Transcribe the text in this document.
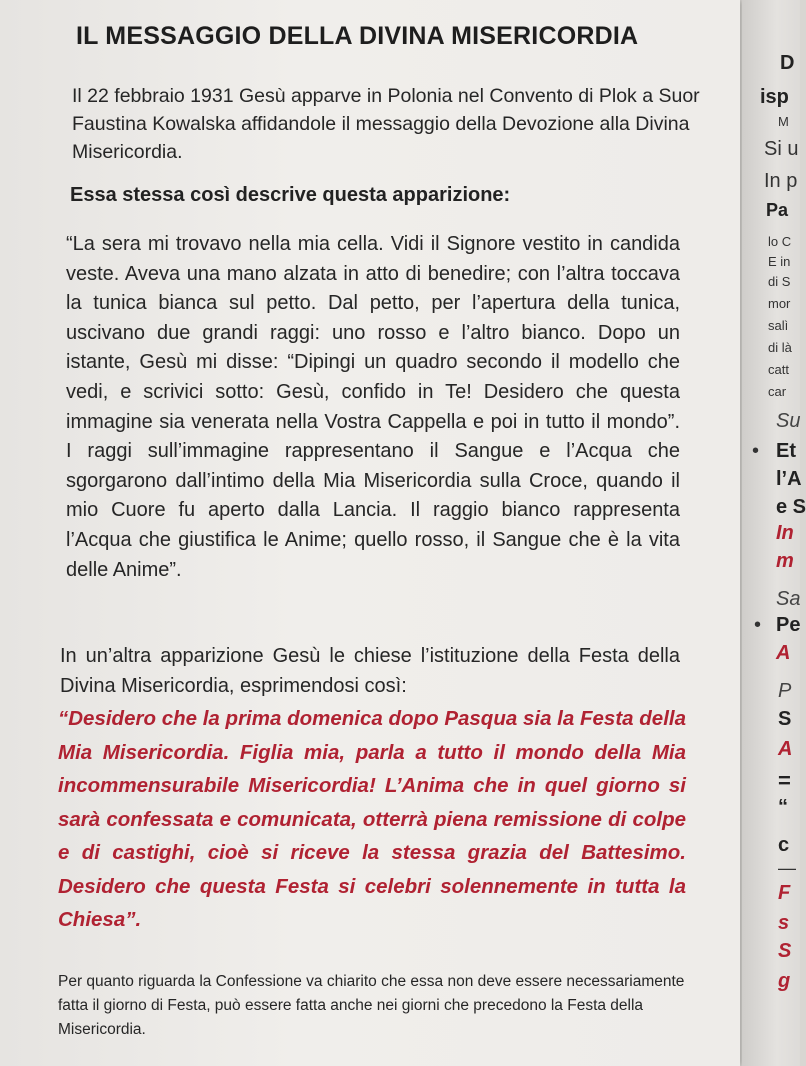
IL MESSAGGIO DELLA DIVINA MISERICORDIA
Il 22 febbraio 1931 Gesù apparve in Polonia nel Convento di Plok a Suor Faustina Kowalska affidandole il messaggio della Devozione alla Divina Misericordia.
Essa stessa così descrive questa apparizione:
“La sera mi trovavo nella mia cella. Vidi il Signore vestito in candida veste. Aveva una mano alzata in atto di benedire; con l’altra toccava la tunica bianca sul petto. Dal petto, per l’apertura della tunica, uscivano due grandi raggi: uno rosso e l’altro bianco. Dopo un istante, Gesù mi disse: “Dipingi un quadro secondo il modello che vedi, e scrivici sotto: Gesù, confido in Te! Desidero che questa immagine sia venerata nella Vostra Cappella e poi in tutto il mondo”. I raggi sull’immagine rappresentano il Sangue e l’Acqua che sgorgarono dall’intimo della Mia Misericordia sulla Croce, quando il mio Cuore fu aperto dalla Lancia. Il raggio bianco rappresenta l’Acqua che giustifica le Anime; quello rosso, il Sangue che è la vita delle Anime”.
In un’altra apparizione Gesù le chiese l’istituzione della Festa della Divina Misericordia, esprimendosi così:
“Desidero che la prima domenica dopo Pasqua sia la Festa della Mia Misericordia. Figlia mia, parla a tutto il mondo della Mia incommensurabile Misericordia! L’Anima che in quel giorno si sarà confessata e comunicata, otterrà piena remissione di colpe e di castighi, cioè si riceve la stessa grazia del Battesimo. Desidero che questa Festa si celebri solennemente in tutta la Chiesa”.
Per quanto riguarda la Confessione va chiarito che essa non deve essere necessariamente fatta il giorno di Festa, può essere fatta anche nei giorni che precedono la Festa della Misericordia.
D
isp
M
Si u
In p
Pa
lo C
E in
di S
mor
salì
di là
catt
car
Su
• Et
l’A
e S
In
m
Sa
• Pe
A
P
S
A
=
“
c
—
F
s
S
g
